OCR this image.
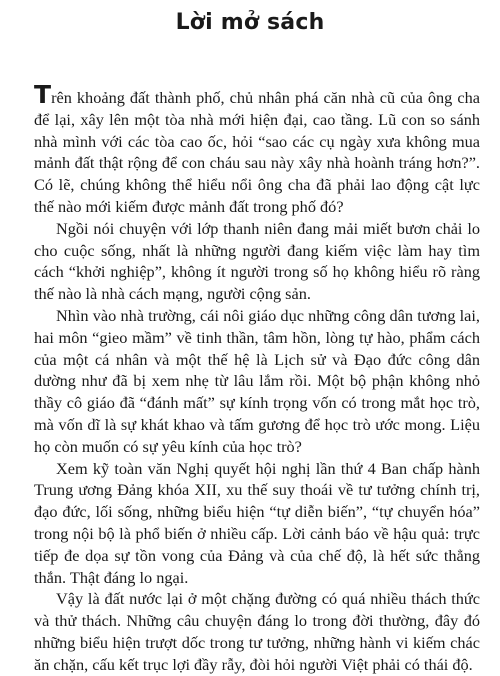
Lời mở sách

Trên khoảng đất thành phố, chủ nhân phá căn nhà cũ của ông cha để lại, xây lên một tòa nhà mới hiện đại, cao tầng. Lũ con so sánh nhà mình với các tòa cao ốc, hỏi “sao các cụ ngày xưa không mua mảnh đất thật rộng để con cháu sau này xây nhà hoành tráng hơn?”. Có lẽ, chúng không thể hiểu nổi ông cha đã phải lao động cật lực thế nào mới kiếm được mảnh đất trong phố đó?

Ngồi nói chuyện với lớp thanh niên đang mải miết bươn chải lo cho cuộc sống, nhất là những người đang kiếm việc làm hay tìm cách “khởi nghiệp”, không ít người trong số họ không hiểu rõ ràng thế nào là nhà cách mạng, người cộng sản.

Nhìn vào nhà trường, cái nôi giáo dục những công dân tương lai, hai môn “gieo mầm” về tinh thần, tâm hồn, lòng tự hào, phẩm cách của một cá nhân và một thế hệ là Lịch sử và Đạo đức công dân dường như đã bị xem nhẹ từ lâu lắm rồi. Một bộ phận không nhỏ thầy cô giáo đã “đánh mất” sự kính trọng vốn có trong mắt học trò, mà vốn dĩ là sự khát khao và tấm gương để học trò ước mong. Liệu họ còn muốn có sự yêu kính của học trò?

Xem kỹ toàn văn Nghị quyết hội nghị lần thứ 4 Ban chấp hành Trung ương Đảng khóa XII, xu thế suy thoái về tư tưởng chính trị, đạo đức, lối sống, những biểu hiện “tự diễn biến”, “tự chuyển hóa” trong nội bộ là phổ biến ở nhiều cấp. Lời cảnh báo về hậu quả: trực tiếp đe dọa sự tồn vong của Đảng và của chế độ, là hết sức thẳng thắn. Thật đáng lo ngại.

Vậy là đất nước lại ở một chặng đường có quá nhiều thách thức và thử thách. Những câu chuyện đáng lo trong đời thường, đây đó những biểu hiện trượt dốc trong tư tưởng, những hành vi kiếm chác ăn chặn, cấu kết trục lợi đầy rẫy, đòi hỏi người Việt phải có thái độ.
